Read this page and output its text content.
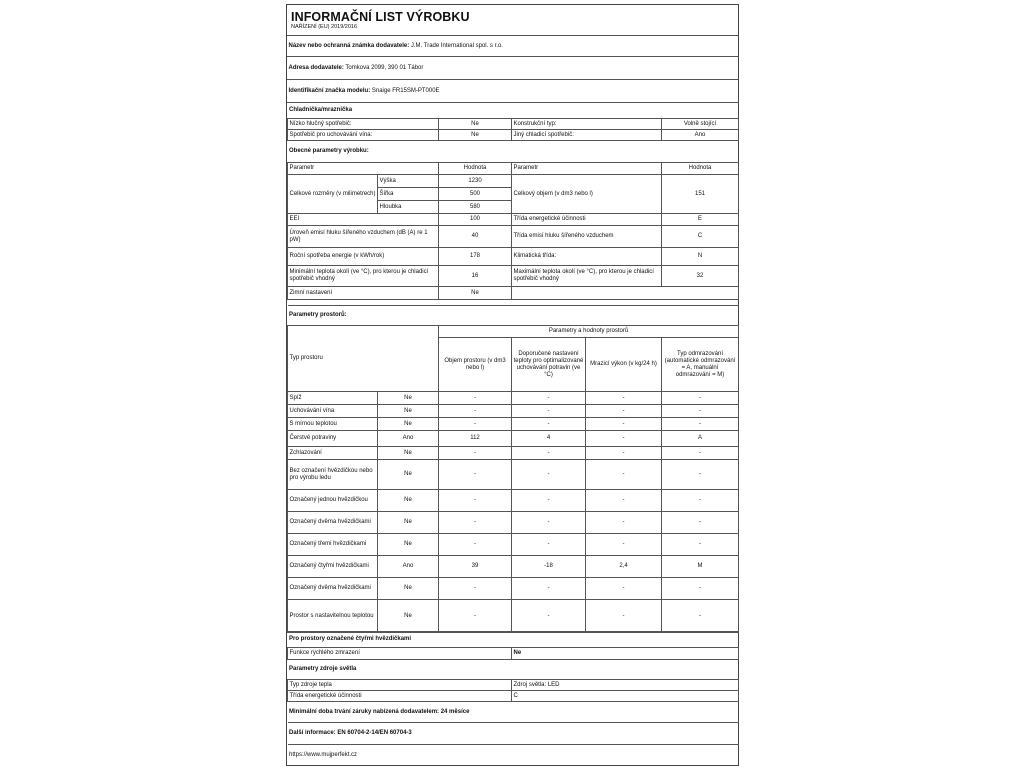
INFORMAČNÍ LIST VÝROBKU
NAŘÍZENÍ (EU) 2019/2016
Název nebo ochranná známka dodavatele: J.M. Trade International spol. s r.o.
Adresa dodavatele: Tomkova 2099, 390 01 Tábor
Identifikační značka modelu: Snaige FR15SM-PT000E
Chladnička/mraznička				
Nízko hlučný spotřebič:		Ne	Konstrukční typ:	Volně stojící
Spotřebič pro uchovávání vína:		Ne	Jiný chladicí spotřebič:	Ano
Obecné parametry výrobku:				
Parametr		Hodnota	Parametr	Hodnota
Celkové rozměry (v milimetrech)	Výška	1230	Celkový objem (v dm3 nebo l)	151
	Šířka	500		
	Hloubka	580		
EEI		100	Třída energetické účinnosti	E
Úroveň emisí hluku šířeného vzduchem (dB (A) re 1 pW)		40	Třída emisí hluku šířeného vzduchem	C
Roční spotřeba energie (v kWh/rok)		178	Klimatická třída:	N
Minimální teplota okolí (ve °C), pro kterou je chladicí spotřebič vhodný		16	Maximální teplota okolí (ve °C), pro kterou je chladicí spotřebič vhodný	32
Zimní nastavení		Ne		
Parametry prostorů:					
Typ prostoru		Parametry a hodnoty prostorů			
		Objem prostoru (v dm3 nebo l)	Doporučené nastavení teploty pro optimalizované uchovávání potravin (ve °C)	Mrazicí výkon (v kg/24 h)	Typ odmrazování (automatické odmrazování = A, manuální odmrazování = M)
Spíž	Ne	-	-	-	-
Uchovávání vína	Ne	-	-	-	-
S mírnou teplotou	Ne	-	-	-	-
Čerstvé potraviny	Ano	112	4	-	A
Zchlazování	Ne	-	-	-	-
Bez označení hvězdičkou nebo pro výrobu ledu	Ne	-	-	-	-
Označený jednou hvězdičkou	Ne	-	-	-	-
Označený dvěma hvězdičkami	Ne	-	-	-	-
Označený třemi hvězdičkami	Ne	-	-	-	-
Označený čtyřmi hvězdičkami	Ano	39	-18	2,4	M
Označený dvěma hvězdičkami	Ne	-	-	-	-
Prostor s nastavitelnou teplotou	Ne	-	-	-	-
Pro prostory označené čtyřmi hvězdičkami	
Funkce rychlého zmrazení	Ne
Parametry zdroje světla	
Typ zdroje tepla	Zdroj světla: LED
Třída energetické účinnosti	C
Minimální doba trvání záruky nabízená dodavatelem: 24 měsíce	
Další informace: EN 60704-2-14/EN 60704-3	
https://www.mujperfekt.cz	
